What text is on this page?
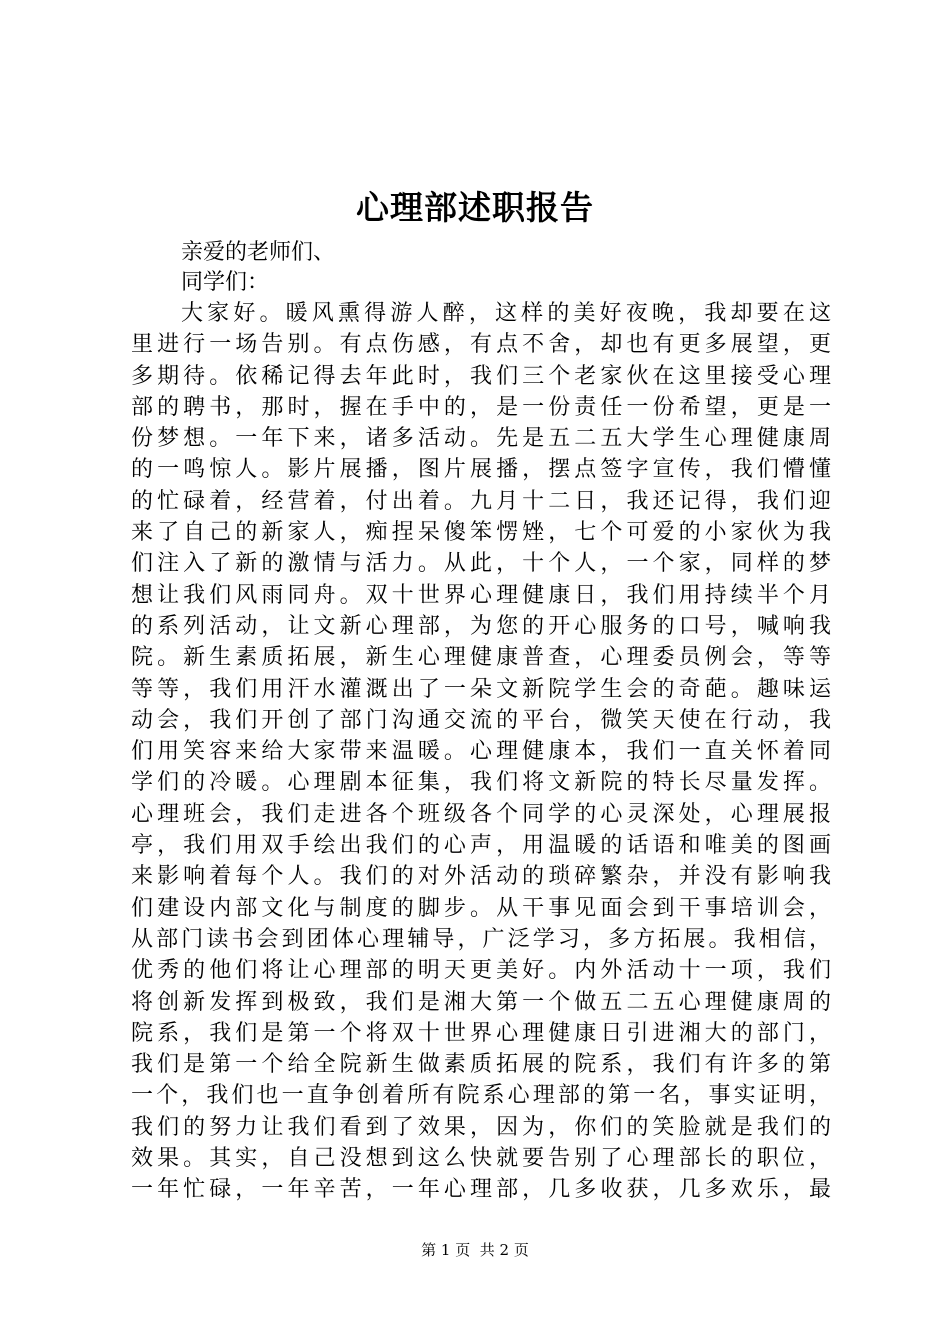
心理部述职报告
亲爱的老师们、
同学们：
大家好。暖风熏得游人醉，这样的美好夜晚，我却要在这
里进行一场告别。有点伤感，有点不舍，却也有更多展望，更
多期待。依稀记得去年此时，我们三个老家伙在这里接受心理
部的聘书，那时，握在手中的，是一份责任一份希望，更是一
份梦想。一年下来，诸多活动。先是五二五大学生心理健康周
的一鸣惊人。影片展播，图片展播，摆点签字宣传，我们懵懂
的忙碌着，经营着，付出着。九月十二日，我还记得，我们迎
来了自己的新家人，痴捏呆傻笨愣矬，七个可爱的小家伙为我
们注入了新的激情与活力。从此，十个人，一个家，同样的梦
想让我们风雨同舟。双十世界心理健康日，我们用持续半个月
的系列活动，让文新心理部，为您的开心服务的口号，喊响我
院。新生素质拓展，新生心理健康普查，心理委员例会，等等
等等，我们用汗水灌溉出了一朵文新院学生会的奇葩。趣味运
动会，我们开创了部门沟通交流的平台，微笑天使在行动，我
们用笑容来给大家带来温暖。心理健康本，我们一直关怀着同
学们的冷暖。心理剧本征集，我们将文新院的特长尽量发挥。
心理班会，我们走进各个班级各个同学的心灵深处，心理展报
亭，我们用双手绘出我们的心声，用温暖的话语和唯美的图画
来影响着每个人。我们的对外活动的琐碎繁杂，并没有影响我
们建设内部文化与制度的脚步。从干事见面会到干事培训会，
从部门读书会到团体心理辅导，广泛学习，多方拓展。我相信，
优秀的他们将让心理部的明天更美好。内外活动十一项，我们
将创新发挥到极致，我们是湘大第一个做五二五心理健康周的
院系，我们是第一个将双十世界心理健康日引进湘大的部门，
我们是第一个给全院新生做素质拓展的院系，我们有许多的第
一个，我们也一直争创着所有院系心理部的第一名，事实证明，
我们的努力让我们看到了效果，因为，你们的笑脸就是我们的
效果。其实，自己没想到这么快就要告别了心理部长的职位，
一年忙碌，一年辛苦，一年心理部，几多收获，几多欢乐，最
第 1 页  共 2 页
